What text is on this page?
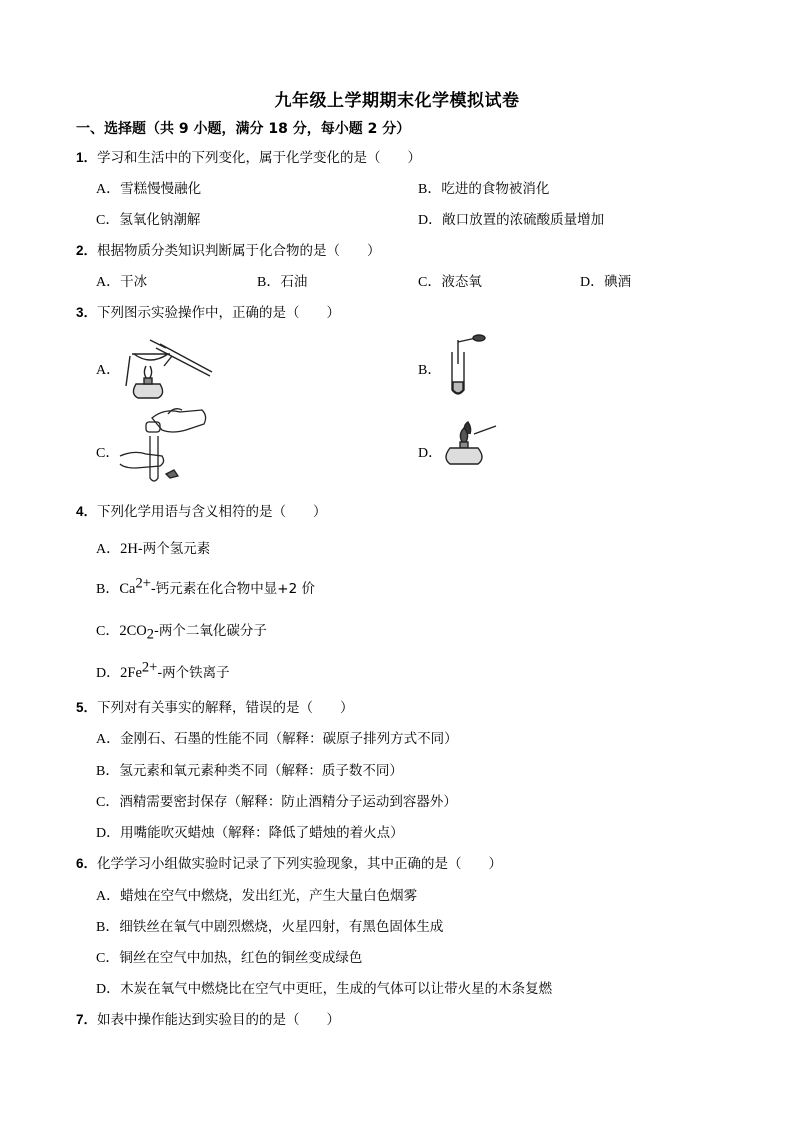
九年级上学期期末化学模拟试卷
一、选择题（共 9 小题，满分 18 分，每小题 2 分）
1．学习和生活中的下列变化，属于化学变化的是（　　）
A．雪糕慢慢融化	B．吃进的食物被消化
C．氢氧化钠潮解	D．敞口放置的浓硫酸质量增加
2．根据物质分类知识判断属于化合物的是（　　）
A．干冰	B．石油	C．液态氧	D．碘酒
3．下列图示实验操作中，正确的是（　　）
A．	B．
C．	D．
4．下列化学用语与含义相符的是（　　）
A．2H-两个氢元素
B．$Ca^{2+}-$钙元素在化合物中显+2 价
C．$2CO_2-$两个二氧化碳分子
D．$2Fe^{2+}-$两个铁离子
5．下列对有关事实的解释，错误的是（　　）
A．金刚石、石墨的性能不同（解释：碳原子排列方式不同）
B．氢元素和氧元素种类不同（解释：质子数不同）
C．酒精需要密封保存（解释：防止酒精分子运动到容器外）
D．用嘴能吹灭蜡烛（解释：降低了蜡烛的着火点）
6．化学学习小组做实验时记录了下列实验现象，其中正确的是（　　）
A．蜡烛在空气中燃烧，发出红光，产生大量白色烟雾
B．细铁丝在氧气中剧烈燃烧，火星四射，有黑色固体生成
C．铜丝在空气中加热，红色的铜丝变成绿色
D．木炭在氧气中燃烧比在空气中更旺，生成的气体可以让带火星的木条复燃
7．如表中操作能达到实验目的的是（　　）
